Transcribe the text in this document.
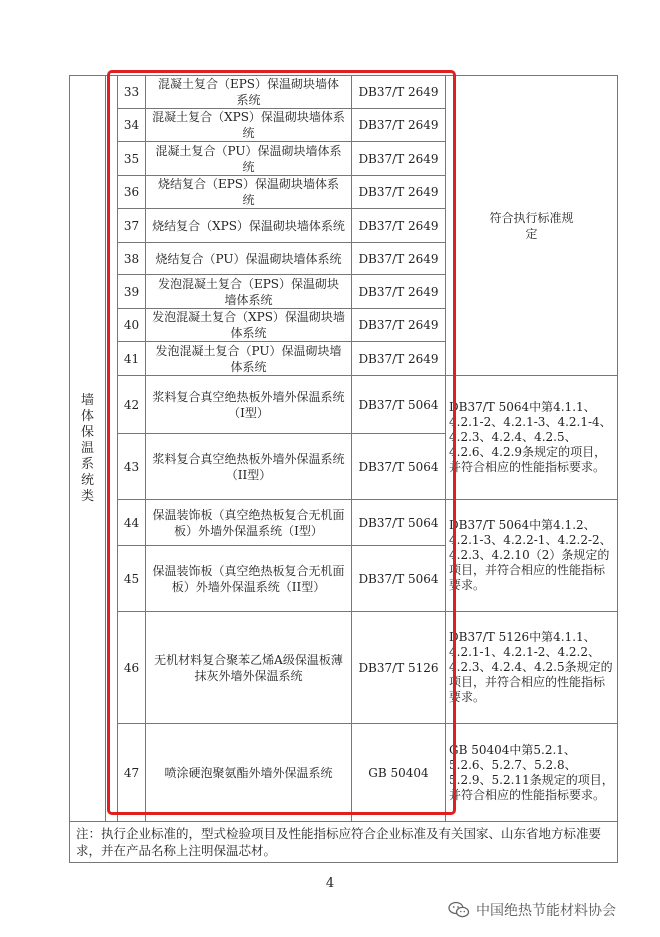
墙体保温系统类		33	混凝土复合（EPS）保温砌块墙体系统	DB37/T 2649	符合执行标准规定

		34	混凝土复合（XPS）保温砌块墙体系统	DB37/T 2649	
		35	混凝土复合（PU）保温砌块墙体系统	DB37/T 2649	
		36	烧结复合（EPS）保温砌块墙体系统	DB37/T 2649	
		37	烧结复合（XPS）保温砌块墙体系统	DB37/T 2649	
		38	烧结复合（PU）保温砌块墙体系统	DB37/T 2649	
		39	发泡混凝土复合（EPS）保温砌块墙体系统	DB37/T 2649	
		40	发泡混凝土复合（XPS）保温砌块墙体系统	DB37/T 2649	
		41	发泡混凝土复合（PU）保温砌块墙体系统	DB37/T 2649	
		42	浆料复合真空绝热板外墙外保温系统（I型）	DB37/T 5064	DB37/T 5064中第4.1.1、4.2.1-2、4.2.1-3、4.2.1-4、4.2.3、4.2.4、4.2.5、4.2.6、4.2.9条规定的项目，并符合相应的性能指标要求。
		43	浆料复合真空绝热板外墙外保温系统（II型）	DB37/T 5064	
		44	保温装饰板（真空绝热板复合无机面板）外墙外保温系统（I型）	DB37/T 5064	DB37/T 5064中第4.1.2、4.2.1-3、4.2.2-1、4.2.2-2、4.2.3、4.2.10（2）条规定的项目，并符合相应的性能指标要求。
		45	保温装饰板（真空绝热板复合无机面板）外墙外保温系统（II型）	DB37/T 5064	
		46	无机材料复合聚苯乙烯A级保温板薄抹灰外墙外保温系统	DB37/T 5126	DB37/T 5126中第4.1.1、4.2.1-1、4.2.1-2、4.2.2、4.2.3、4.2.4、4.2.5条规定的项目，并符合相应的性能指标要求。
		47	喷涂硬泡聚氨酯外墙外保温系统	GB 50404	GB 50404中第5.2.1、5.2.6、5.2.7、5.2.8、5.2.9、5.2.11条规定的项目，并符合相应的性能指标要求。
注：执行企业标准的，型式检验项目及性能指标应符合企业标准及有关国家、山东省地方标准要求，并在产品名称上注明保温芯材。					
4
中国绝热节能材料协会
